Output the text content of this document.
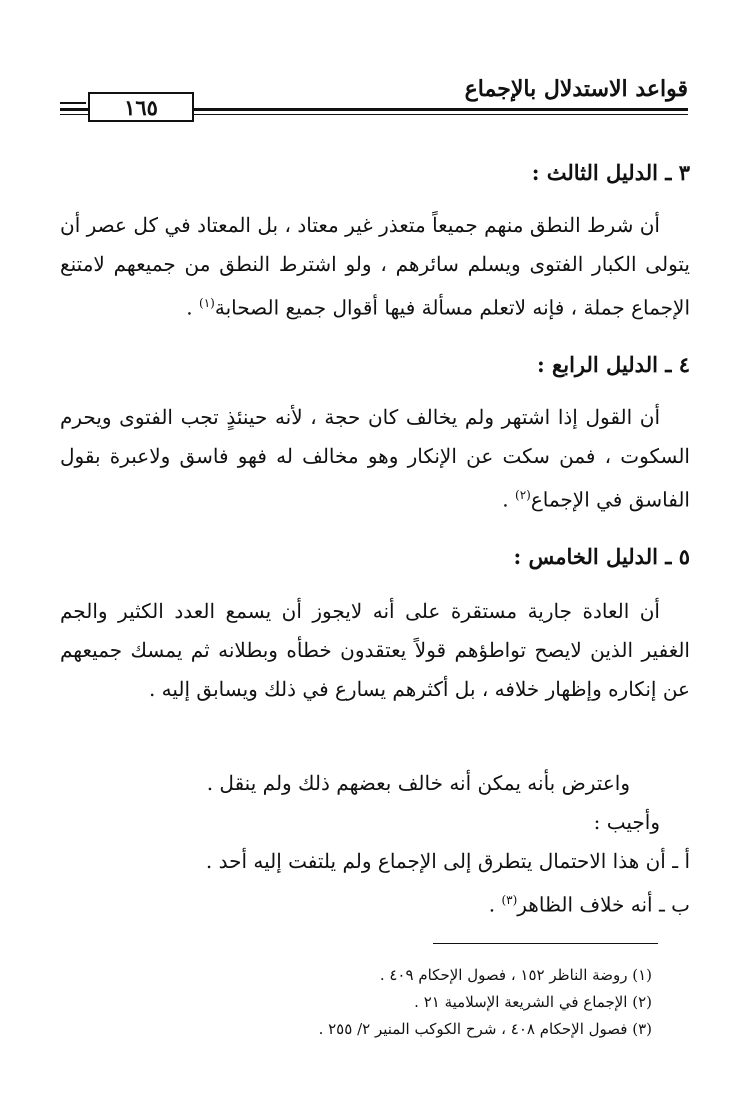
قواعد الاستدلال بالإجماع
١٦٥
٣ ـ الدليل الثالث :
أن شرط النطق منهم جميعاً متعذر غير معتاد ، بل المعتاد في كل عصر أن يتولى الكبار الفتوى ويسلم سائرهم ، ولو اشترط النطق من جميعهم لامتنع الإجماع جملة ، فإنه لاتعلم مسألة فيها أقوال جميع الصحابة$^{(١)}$ .
٤ ـ الدليل الرابع :
أن القول إذا اشتهر ولم يخالف كان حجة ، لأنه حينئذٍ تجب الفتوى ويحرم السكوت ، فمن سكت عن الإنكار وهو مخالف له فهو فاسق ولاعبرة بقول الفاسق في الإجماع$^{(٢)}$ .
٥ ـ الدليل الخامس :
أن العادة جارية مستقرة على أنه لايجوز أن يسمع العدد الكثير والجم الغفير الذين لايصح تواطؤهم قولاً يعتقدون خطأه وبطلانه ثم يمسك جميعهم عن إنكاره وإظهار خلافه ، بل أكثرهم يسارع في ذلك ويسابق إليه .
واعترض بأنه يمكن أنه خالف بعضهم ذلك ولم ينقل .
وأجيب :
أ ـ أن هذا الاحتمال يتطرق إلى الإجماع ولم يلتفت إليه أحد .
ب ـ أنه خلاف الظاهر$^{(٣)}$ .
(١) روضة الناظر ١٥٢ ، فصول الإحكام ٤٠٩ .
(٢) الإجماع في الشريعة الإسلامية ٢١ .
(٣) فصول الإحكام ٤٠٨ ، شرح الكوكب المنير ٢/ ٢٥٥ .
